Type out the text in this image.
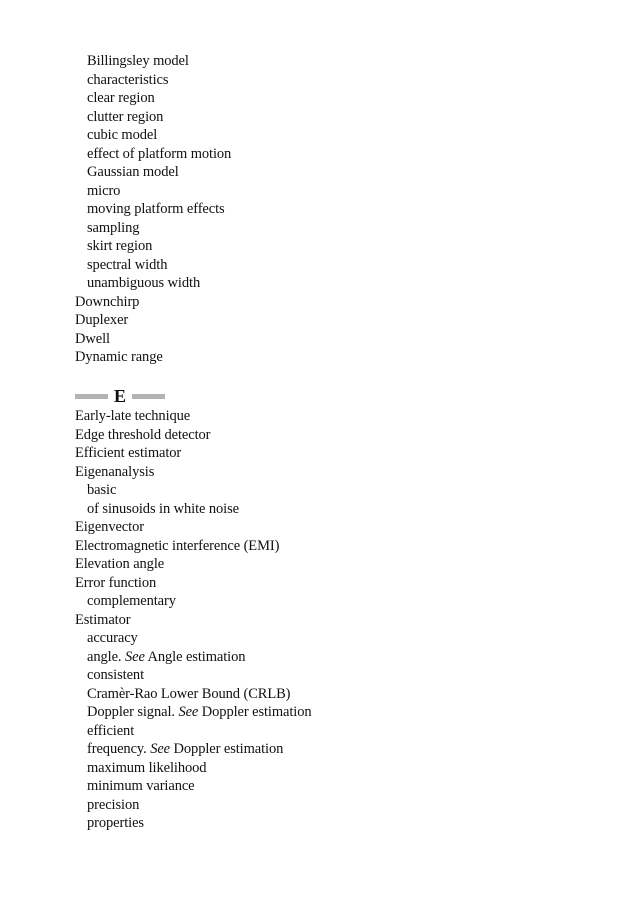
Billingsley model
characteristics
clear region
clutter region
cubic model
effect of platform motion
Gaussian model
micro
moving platform effects
sampling
skirt region
spectral width
unambiguous width
Downchirp
Duplexer
Dwell
Dynamic range
E
Early-late technique
Edge threshold detector
Efficient estimator
Eigenanalysis
basic
of sinusoids in white noise
Eigenvector
Electromagnetic interference (EMI)
Elevation angle
Error function
complementary
Estimator
accuracy
angle. See Angle estimation
consistent
Cramèr-Rao Lower Bound (CRLB)
Doppler signal. See Doppler estimation
efficient
frequency. See Doppler estimation
maximum likelihood
minimum variance
precision
properties
